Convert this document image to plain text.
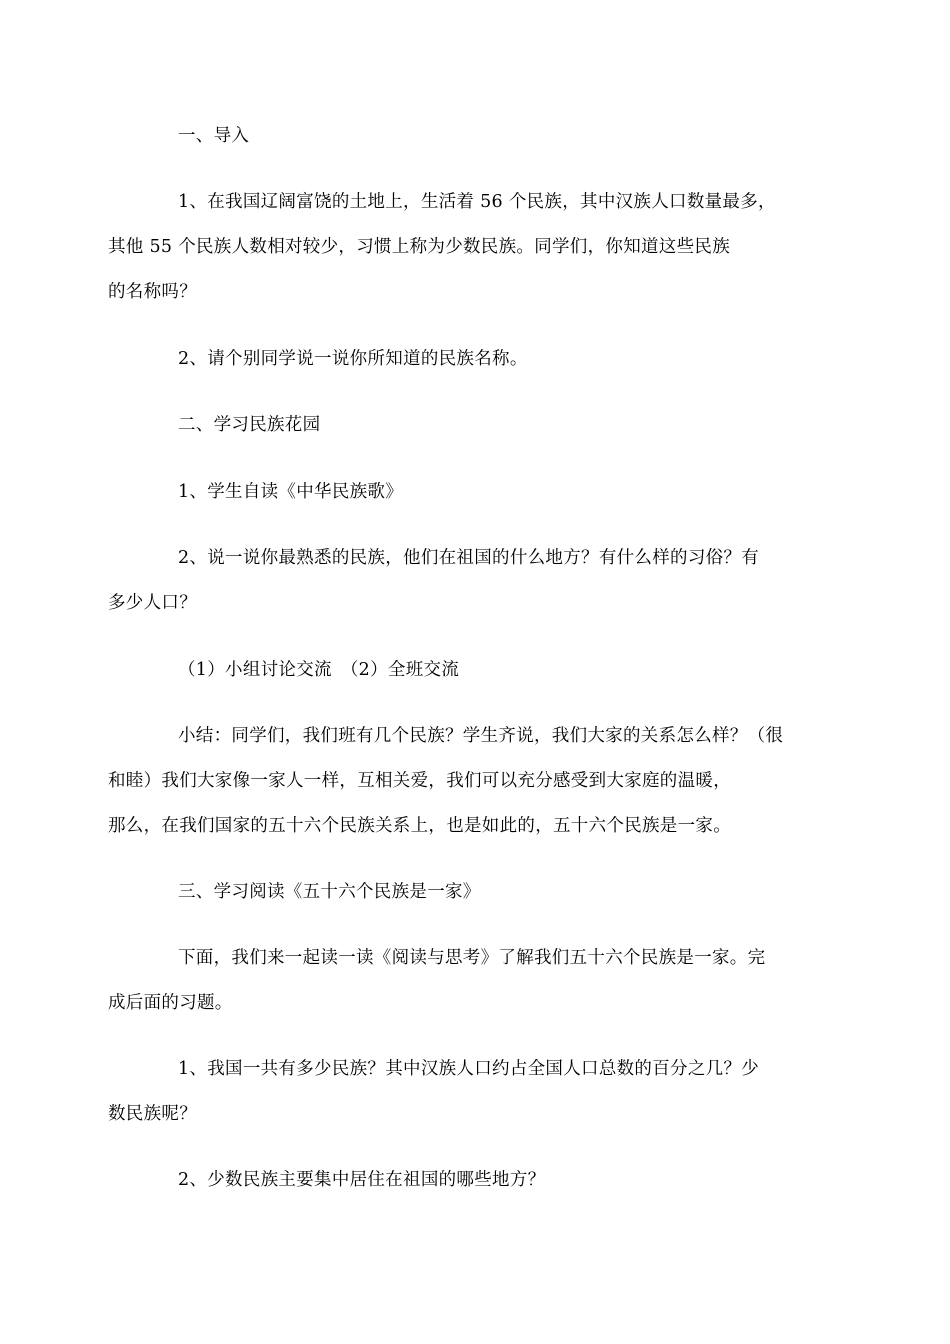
一、导入
1、在我国辽阔富饶的土地上，生活着 56 个民族，其中汉族人口数量最多，
其他 55 个民族人数相对较少，习惯上称为少数民族。同学们，你知道这些民族
的名称吗？
2、请个别同学说一说你所知道的民族名称。
二、学习民族花园
1、学生自读《中华民族歌》
2、说一说你最熟悉的民族，他们在祖国的什么地方？有什么样的习俗？有
多少人口？
（1）小组讨论交流　（2）全班交流
小结：同学们，我们班有几个民族？学生齐说，我们大家的关系怎么样？（很
和睦）我们大家像一家人一样，互相关爱，我们可以充分感受到大家庭的温暖，
那么，在我们国家的五十六个民族关系上，也是如此的，五十六个民族是一家。
三、学习阅读《五十六个民族是一家》
下面，我们来一起读一读《阅读与思考》了解我们五十六个民族是一家。完
成后面的习题。
1、我国一共有多少民族？其中汉族人口约占全国人口总数的百分之几？少
数民族呢？
2、少数民族主要集中居住在祖国的哪些地方？
